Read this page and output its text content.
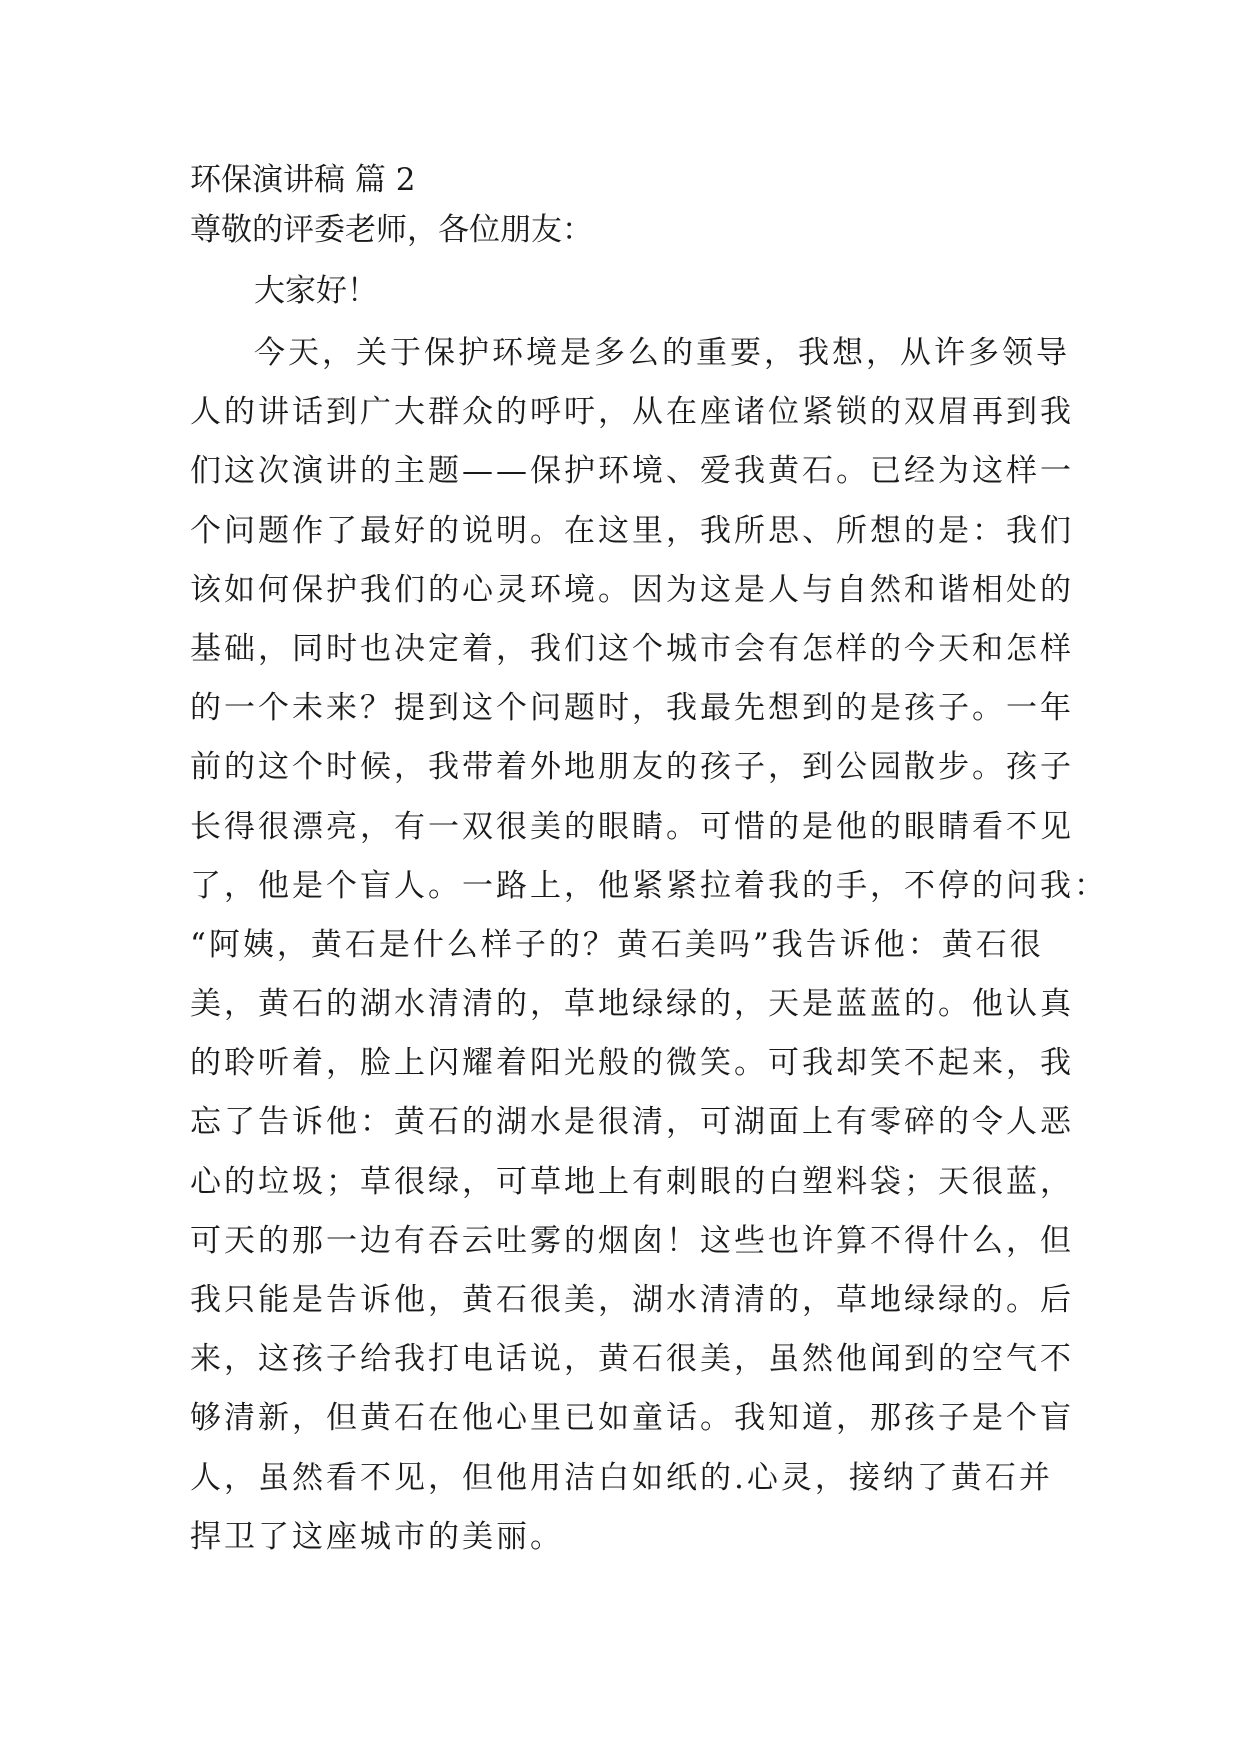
环保演讲稿 篇 2
尊敬的评委老师，各位朋友：
大家好！
今天，关于保护环境是多么的重要，我想，从许多领导
人的讲话到广大群众的呼吁，从在座诸位紧锁的双眉再到我
们这次演讲的主题——保护环境、爱我黄石。已经为这样一
个问题作了最好的说明。在这里，我所思、所想的是：我们
该如何保护我们的心灵环境。因为这是人与自然和谐相处的
基础，同时也决定着，我们这个城市会有怎样的今天和怎样
的一个未来？提到这个问题时，我最先想到的是孩子。一年
前的这个时候，我带着外地朋友的孩子，到公园散步。孩子
长得很漂亮，有一双很美的眼睛。可惜的是他的眼睛看不见
了，他是个盲人。一路上，他紧紧拉着我的手，不停的问我：
“阿姨，黄石是什么样子的？黄石美吗”我告诉他：黄石很
美，黄石的湖水清清的，草地绿绿的，天是蓝蓝的。他认真
的聆听着，脸上闪耀着阳光般的微笑。可我却笑不起来，我
忘了告诉他：黄石的湖水是很清，可湖面上有零碎的令人恶
心的垃圾；草很绿，可草地上有刺眼的白塑料袋；天很蓝，
可天的那一边有吞云吐雾的烟囱！这些也许算不得什么，但
我只能是告诉他，黄石很美，湖水清清的，草地绿绿的。后
来，这孩子给我打电话说，黄石很美，虽然他闻到的空气不
够清新，但黄石在他心里已如童话。我知道，那孩子是个盲
人，虽然看不见，但他用洁白如纸的.心灵，接纳了黄石并
捍卫了这座城市的美丽。
